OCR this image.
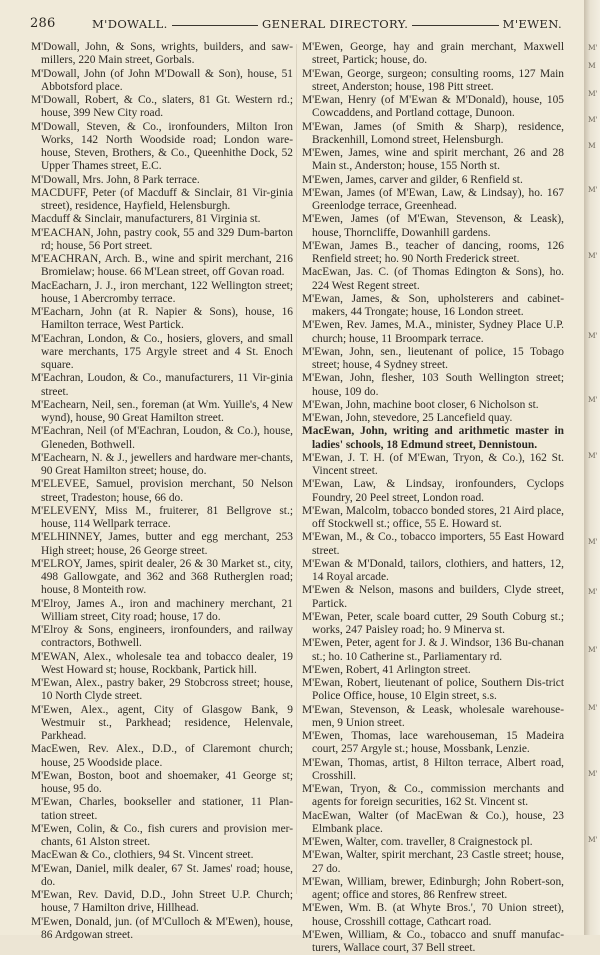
286	M'DOWALL.	GENERAL DIRECTORY.	M'EWEN.

M'Dowall, John, & Sons, wrights, builders, and saw-millers, 220 Main street, Gorbals.

M'Dowall, John (of John M'Dowall & Son), house, 51 Abbotsford place.

M'Dowall, Robert, & Co., slaters, 81 Gt. Western rd.; house, 399 New City road.

M'Dowall, Steven, & Co., ironfounders, Milton Iron Works, 142 North Woodside road; London ware-house, Steven, Brothers, & Co., Queenhithe Dock, 52 Upper Thames street, E.C.

M'Dowall, Mrs. John, 8 Park terrace.

MACDUFF, Peter (of Macduff & Sinclair, 81 Vir-ginia street), residence, Hayfield, Helensburgh.

Macduff & Sinclair, manufacturers, 81 Virginia st.

M'EACHAN, John, pastry cook, 55 and 329 Dum-barton rd; house, 56 Port street.

M'EACHRAN, Arch. B., wine and spirit merchant, 216 Bromielaw; house. 66 M'Lean street, off Govan road.

MacEacharn, J. J., iron merchant, 122 Wellington street; house, 1 Abercromby terrace.

M'Eacharn, John (at R. Napier & Sons), house, 16 Hamilton terrace, West Partick.

M'Eachran, London, & Co., hosiers, glovers, and small ware merchants, 175 Argyle street and 4 St. Enoch square.

M'Eachran, Loudon, & Co., manufacturers, 11 Vir-ginia street.

M'Eachearn, Neil, sen., foreman (at Wm. Yuille's, 4 New wynd), house, 90 Great Hamilton street.

M'Eachran, Neil (of M'Eachran, Loudon, & Co.), house, Gleneden, Bothwell.

M'Eachearn, N. & J., jewellers and hardware mer-chants, 90 Great Hamilton street; house, do.

M'ELEVEE, Samuel, provision merchant, 50 Nelson street, Tradeston; house, 66 do.

M'ELEVENY, Miss M., fruiterer, 81 Bellgrove st.; house, 114 Wellpark terrace.

M'ELHINNEY, James, butter and egg merchant, 253 High street; house, 26 George street.

M'ELROY, James, spirit dealer, 26 & 30 Market st., city, 498 Gallowgate, and 362 and 368 Rutherglen road; house, 8 Monteith row.

M'Elroy, James A., iron and machinery merchant, 21 William street, City road; house, 17 do.

M'Elroy & Sons, engineers, ironfounders, and railway contractors, Bothwell.

M'EWAN, Alex., wholesale tea and tobacco dealer, 19 West Howard st; house, Rockbank, Partick hill.

M'Ewan, Alex., pastry baker, 29 Stobcross street; house, 10 North Clyde street.

M'Ewen, Alex., agent, City of Glasgow Bank, 9 Westmuir st., Parkhead; residence, Helenvale, Parkhead.

MacEwen, Rev. Alex., D.D., of Claremont church; house, 25 Woodside place.

M'Ewan, Boston, boot and shoemaker, 41 George st; house, 95 do.

M'Ewan, Charles, bookseller and stationer, 11 Plan-tation street.

M'Ewen, Colin, & Co., fish curers and provision mer-chants, 61 Alston street.

MacEwan & Co., clothiers, 94 St. Vincent street.

M'Ewan, Daniel, milk dealer, 67 St. James' road; house, do.

M'Ewan, Rev. David, D.D., John Street U.P. Church; house, 7 Hamilton drive, Hillhead.

M'Ewen, Donald, jun. (of M'Culloch & M'Ewen), house, 86 Ardgowan street.

M'Ewen, George, hay and grain merchant, Maxwell street, Partick; house, do.

M'Ewan, George, surgeon; consulting rooms, 127 Main street, Anderston; house, 198 Pitt street.

M'Ewan, Henry (of M'Ewan & M'Donald), house, 105 Cowcaddens, and Portland cottage, Dunoon.

M'Ewan, James (of Smith & Sharp), residence, Brackenhill, Lomond street, Helensburgh.

M'Ewen, James, wine and spirit merchant, 26 and 28 Main st., Anderston; house, 155 North st.

M'Ewen, James, carver and gilder, 6 Renfield st.

M'Ewan, James (of M'Ewan, Law, & Lindsay), ho. 167 Greenlodge terrace, Greenhead.

M'Ewen, James (of M'Ewan, Stevenson, & Leask), house, Thorncliffe, Dowanhill gardens.

M'Ewan, James B., teacher of dancing, rooms, 126 Renfield street; ho. 90 North Frederick street.

MacEwan, Jas. C. (of Thomas Edington & Sons), ho. 224 West Regent street.

M'Ewan, James, & Son, upholsterers and cabinet-makers, 44 Trongate; house, 16 London street.

M'Ewen, Rev. James, M.A., minister, Sydney Place U.P. church; house, 11 Broompark terrace.

M'Ewan, John, sen., lieutenant of police, 15 Tobago street; house, 4 Sydney street.

M'Ewan, John, flesher, 103 South Wellington street; house, 109 do.

M'Ewan, John, machine boot closer, 6 Nicholson st.

M'Ewan, John, stevedore, 25 Lancefield quay.

MacEwan, John, writing and arithmetic master in ladies' schools, 18 Edmund street, Dennistoun.

M'Ewan, J. T. H. (of M'Ewan, Tryon, & Co.), 162 St. Vincent street.

M'Ewan, Law, & Lindsay, ironfounders, Cyclops Foundry, 20 Peel street, London road.

M'Ewan, Malcolm, tobacco bonded stores, 21 Aird place, off Stockwell st.; office, 55 E. Howard st.

M'Ewan, M., & Co., tobacco importers, 55 East Howard street.

M'Ewan & M'Donald, tailors, clothiers, and hatters, 12, 14 Royal arcade.

M'Ewen & Nelson, masons and builders, Clyde street, Partick.

M'Ewan, Peter, scale board cutter, 29 South Coburg st.; works, 247 Paisley road; ho. 9 Minerva st.

M'Ewen, Peter, agent for J. & J. Windsor, 136 Bu-chanan st.; ho. 10 Catherine st., Parliamentary rd.

M'Ewen, Robert, 41 Arlington street.

M'Ewan, Robert, lieutenant of police, Southern Dis-trict Police Office, house, 10 Elgin street, s.s.

M'Ewan, Stevenson, & Leask, wholesale warehouse-men, 9 Union street.

M'Ewen, Thomas, lace warehouseman, 15 Madeira court, 257 Argyle st.; house, Mossbank, Lenzie.

M'Ewan, Thomas, artist, 8 Hilton terrace, Albert road, Crosshill.

M'Ewan, Tryon, & Co., commission merchants and agents for foreign securities, 162 St. Vincent st.

MacEwan, Walter (of MacEwan & Co.), house, 23 Elmbank place.

M'Ewen, Walter, com. traveller, 8 Craignestock pl.

M'Ewan, Walter, spirit merchant, 23 Castle street; house, 27 do.

M'Ewan, William, brewer, Edinburgh; John Robert-son, agent; office and stores, 86 Renfrew street.

M'Ewen, Wm. B. (at Whyte Bros.', 70 Union street), house, Crosshill cottage, Cathcart road.

M'Ewen, William, & Co., tobacco and snuff manufac-turers, Wallace court, 37 Bell street.

M'
M
M'
M'
M
M'
M'
M'
M'
M'
M'
M'
M'
M'
M'
M'
